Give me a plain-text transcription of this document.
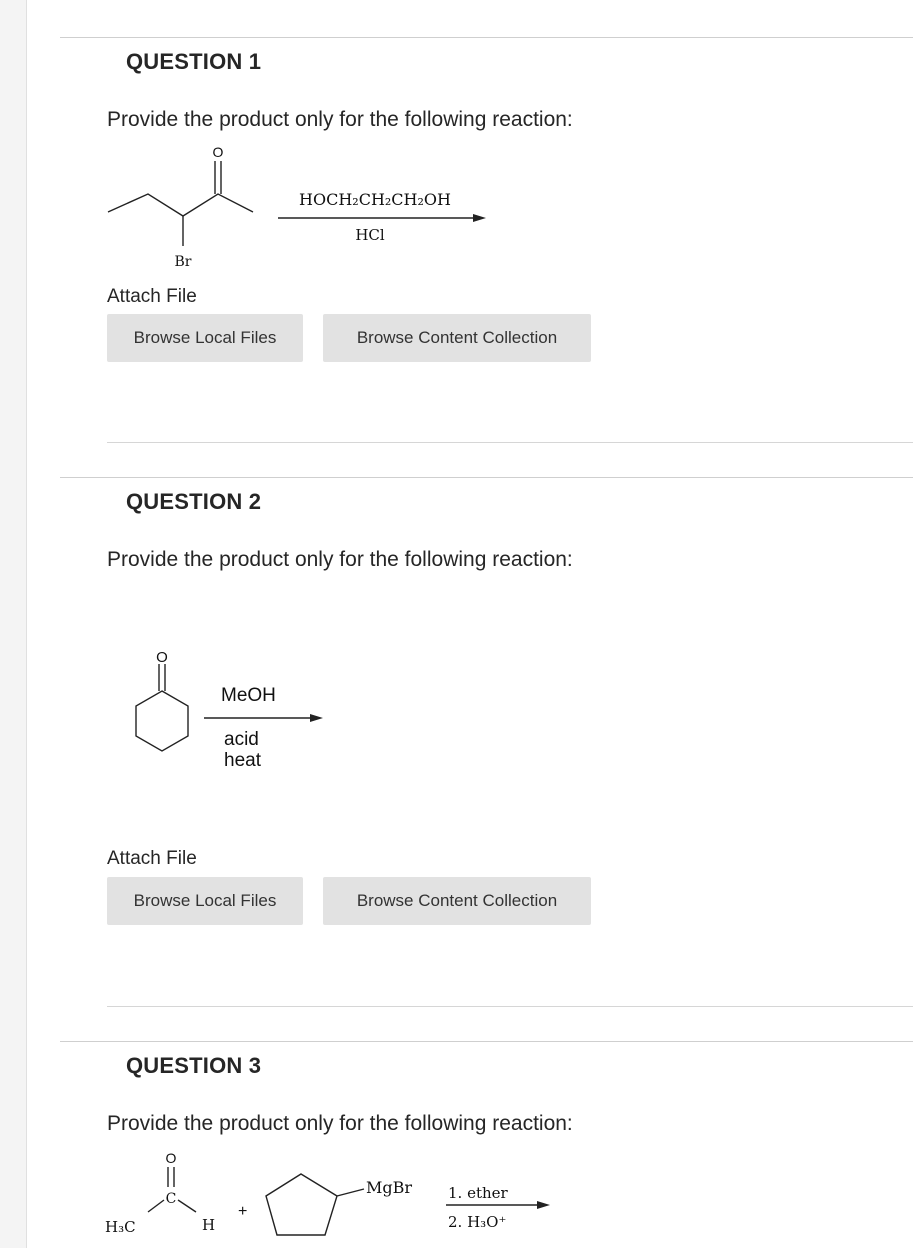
QUESTION 1
Provide the product only for the following reaction:
O
Br
HOCH₂CH₂CH₂OH
HCl
Attach File
Browse Local Files	Browse Content Collection
QUESTION 2
Provide the product only for the following reaction:
O
MeOH
acid
heat
Attach File
Browse Local Files	Browse Content Collection
QUESTION 3
Provide the product only for the following reaction:
O
C
H₃C	H
+
MgBr 1. ether
2. H₃O⁺
